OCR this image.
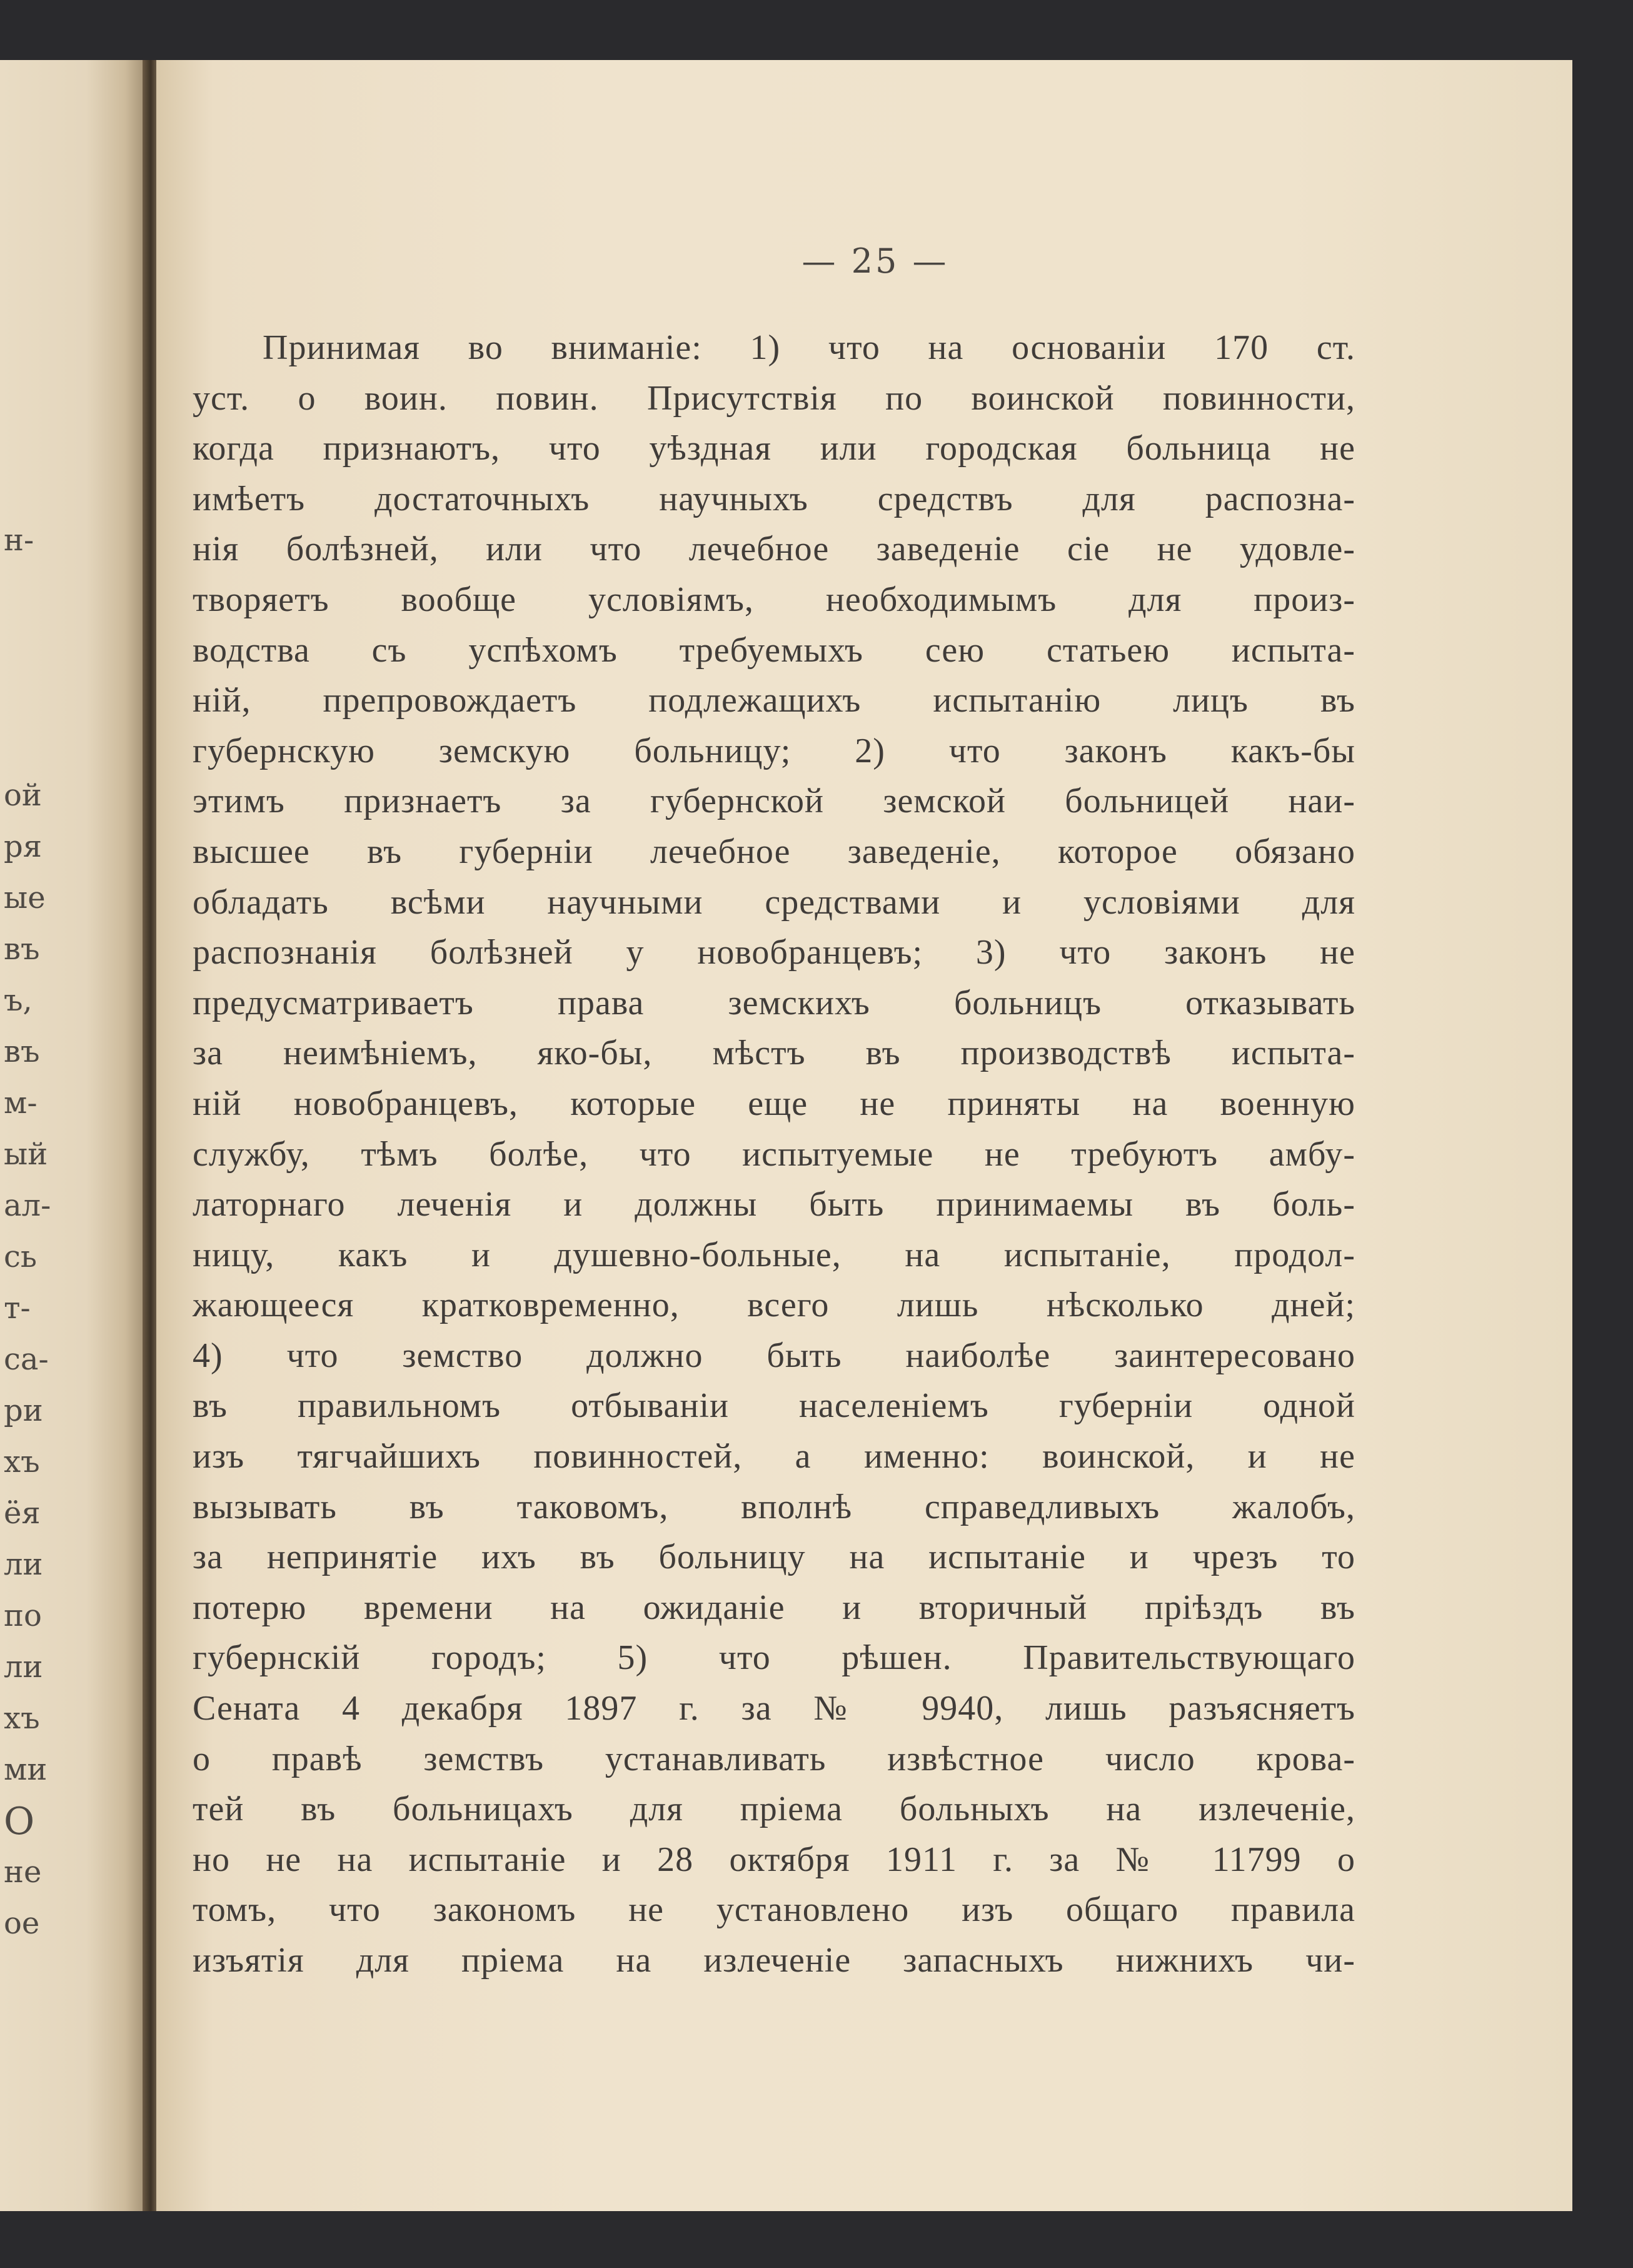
н-
ой
ря
ые
въ
ъ,
въ
м-
ый
ал-
сь
т-
са-
ри
хъ
ёя
ли
по
ли
хъ
ми
О
не
ое
— 25 —
Принимая во вниманіе: 1) что на основаніи 170 ст.
уст. о воин. повин. Присутствія по воинской повинности,
когда признаютъ, что уѣздная или городская больница не
имѣетъ достаточныхъ научныхъ средствъ для распозна-
нія болѣзней, или что лечебное заведеніе сіе не удовле-
творяетъ вообще условіямъ, необходимымъ для произ-
водства съ успѣхомъ требуемыхъ сею статьею испыта-
ній, препровождаетъ подлежащихъ испытанію лицъ въ
губернскую земскую больницу; 2) что законъ какъ-бы
этимъ признаетъ за губернской земской больницей наи-
высшее въ губерніи лечебное заведеніе, которое обязано
обладать всѣми научными средствами и условіями для
распознанія болѣзней у новобранцевъ; 3) что законъ не
предусматриваетъ права земскихъ больницъ отказывать
за неимѣніемъ, яко-бы, мѣстъ въ производствѣ испыта-
ній новобранцевъ, которые еще не приняты на военную
службу, тѣмъ болѣе, что испытуемые не требуютъ амбу-
латорнаго леченія и должны быть принимаемы въ боль-
ницу, какъ и душевно-больные, на испытаніе, продол-
жающееся кратковременно, всего лишь нѣсколько дней;
4) что земство должно быть наиболѣе заинтересовано
въ правильномъ отбываніи населеніемъ губерніи одной
изъ тягчайшихъ повинностей, а именно: воинской, и не
вызывать въ таковомъ, вполнѣ справедливыхъ жалобъ,
за непринятіе ихъ въ больницу на испытаніе и чрезъ то
потерю времени на ожиданіе и вторичный пріѣздъ въ
губернскій городъ; 5) что рѣшен. Правительствующаго
Сената 4 декабря 1897 г. за № 9940, лишь разъясняетъ
о правѣ земствъ устанавливать извѣстное число крова-
тей въ больницахъ для пріема больныхъ на излеченіе,
но не на испытаніе и 28 октября 1911 г. за № 11799 о
томъ, что закономъ не установлено изъ общаго правила
изъятія для пріема на излеченіе запасныхъ нижнихъ чи-
